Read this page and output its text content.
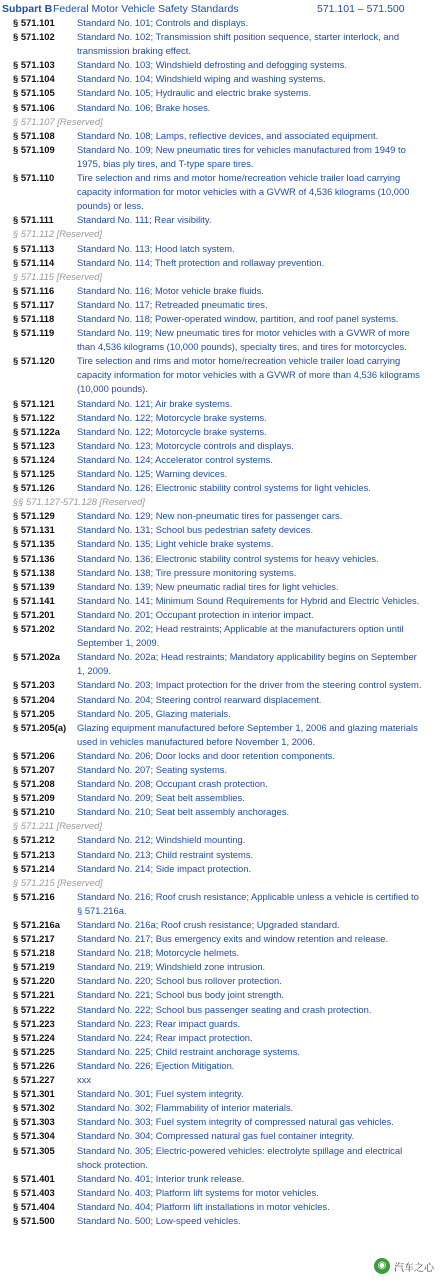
Subpart B Federal Motor Vehicle Safety Standards	571.101 – 571.500
§ 571.101	Standard No. 101; Controls and displays.
§ 571.102	Standard No. 102; Transmission shift position sequence, starter interlock, and transmission braking effect.
§ 571.103	Standard No. 103; Windshield defrosting and defogging systems.
§ 571.104	Standard No. 104; Windshield wiping and washing systems.
§ 571.105	Standard No. 105; Hydraulic and electric brake systems.
§ 571.106	Standard No. 106; Brake hoses.
§ 571.107 [Reserved]
§ 571.108	Standard No. 108; Lamps, reflective devices, and associated equipment.
§ 571.109	Standard No. 109; New pneumatic tires for vehicles manufactured from 1949 to 1975, bias ply tires, and T-type spare tires.
§ 571.110	Tire selection and rims and motor home/recreation vehicle trailer load carrying capacity information for motor vehicles with a GVWR of 4,536 kilograms (10,000 pounds) or less.
§ 571.111	Standard No. 111; Rear visibility.
§ 571.112 [Reserved]
§ 571.113	Standard No. 113; Hood latch system.
§ 571.114	Standard No. 114; Theft protection and rollaway prevention.
§ 571.115 [Reserved]
§ 571.116	Standard No. 116; Motor vehicle brake fluids.
§ 571.117	Standard No. 117; Retreaded pneumatic tires.
§ 571.118	Standard No. 118; Power-operated window, partition, and roof panel systems.
§ 571.119	Standard No. 119; New pneumatic tires for motor vehicles with a GVWR of more than 4,536 kilograms (10,000 pounds), specialty tires, and tires for motorcycles.
§ 571.120	Tire selection and rims and motor home/recreation vehicle trailer load carrying capacity information for motor vehicles with a GVWR of more than 4,536 kilograms (10,000 pounds).
§ 571.121	Standard No. 121; Air brake systems.
§ 571.122	Standard No. 122; Motorcycle brake systems.
§ 571.122a	Standard No. 122; Motorcycle brake systems.
§ 571.123	Standard No. 123; Motorcycle controls and displays.
§ 571.124	Standard No. 124; Accelerator control systems.
§ 571.125	Standard No. 125; Warning devices.
§ 571.126	Standard No. 126; Electronic stability control systems for light vehicles.
§§ 571.127-571.128 [Reserved]
§ 571.129	Standard No. 129; New non-pneumatic tires for passenger cars.
§ 571.131	Standard No. 131; School bus pedestrian safety devices.
§ 571.135	Standard No. 135; Light vehicle brake systems.
§ 571.136	Standard No. 136; Electronic stability control systems for heavy vehicles.
§ 571.138	Standard No. 138; Tire pressure monitoring systems.
§ 571.139	Standard No. 139; New pneumatic radial tires for light vehicles.
§ 571.141	Standard No. 141; Minimum Sound Requirements for Hybrid and Electric Vehicles.
§ 571.201	Standard No. 201; Occupant protection in interior impact.
§ 571.202	Standard No. 202; Head restraints; Applicable at the manufacturers option until September 1, 2009.
§ 571.202a	Standard No. 202a; Head restraints; Mandatory applicability begins on September 1, 2009.
§ 571.203	Standard No. 203; Impact protection for the driver from the steering control system.
§ 571.204	Standard No. 204; Steering control rearward displacement.
§ 571.205	Standard No. 205, Glazing materials.
§ 571.205(a)	Glazing equipment manufactured before September 1, 2006 and glazing materials used in vehicles manufactured before November 1, 2006.
§ 571.206	Standard No. 206; Door locks and door retention components.
§ 571.207	Standard No. 207; Seating systems.
§ 571.208	Standard No. 208; Occupant crash protection.
§ 571.209	Standard No. 209; Seat belt assemblies.
§ 571.210	Standard No. 210; Seat belt assembly anchorages.
§ 571.211 [Reserved]
§ 571.212	Standard No. 212; Windshield mounting.
§ 571.213	Standard No. 213; Child restraint systems.
§ 571.214	Standard No. 214; Side impact protection.
§ 571.215 [Reserved]
§ 571.216	Standard No. 216; Roof crush resistance; Applicable unless a vehicle is certified to § 571.216a.
§ 571.216a	Standard No. 216a; Roof crush resistance; Upgraded standard.
§ 571.217	Standard No. 217; Bus emergency exits and window retention and release.
§ 571.218	Standard No. 218; Motorcycle helmets.
§ 571.219	Standard No. 219; Windshield zone intrusion.
§ 571.220	Standard No. 220; School bus rollover protection.
§ 571.221	Standard No. 221; School bus body joint strength.
§ 571.222	Standard No. 222; School bus passenger seating and crash protection.
§ 571.223	Standard No. 223; Rear impact guards.
§ 571.224	Standard No. 224; Rear impact protection.
§ 571.225	Standard No. 225; Child restraint anchorage systems.
§ 571.226	Standard No. 226; Ejection Mitigation.
§ 571.227	xxx
§ 571.301	Standard No. 301; Fuel system integrity.
§ 571.302	Standard No. 302; Flammability of interior materials.
§ 571.303	Standard No. 303; Fuel system integrity of compressed natural gas vehicles.
§ 571.304	Standard No. 304; Compressed natural gas fuel container integrity.
§ 571.305	Standard No. 305; Electric-powered vehicles: electrolyte spillage and electrical shock protection.
§ 571.401	Standard No. 401; Interior trunk release.
§ 571.403	Standard No. 403; Platform lift systems for motor vehicles.
§ 571.404	Standard No. 404; Platform lift installations in motor vehicles.
§ 571.500	Standard No. 500; Low-speed vehicles.
◉ 汽车之心
